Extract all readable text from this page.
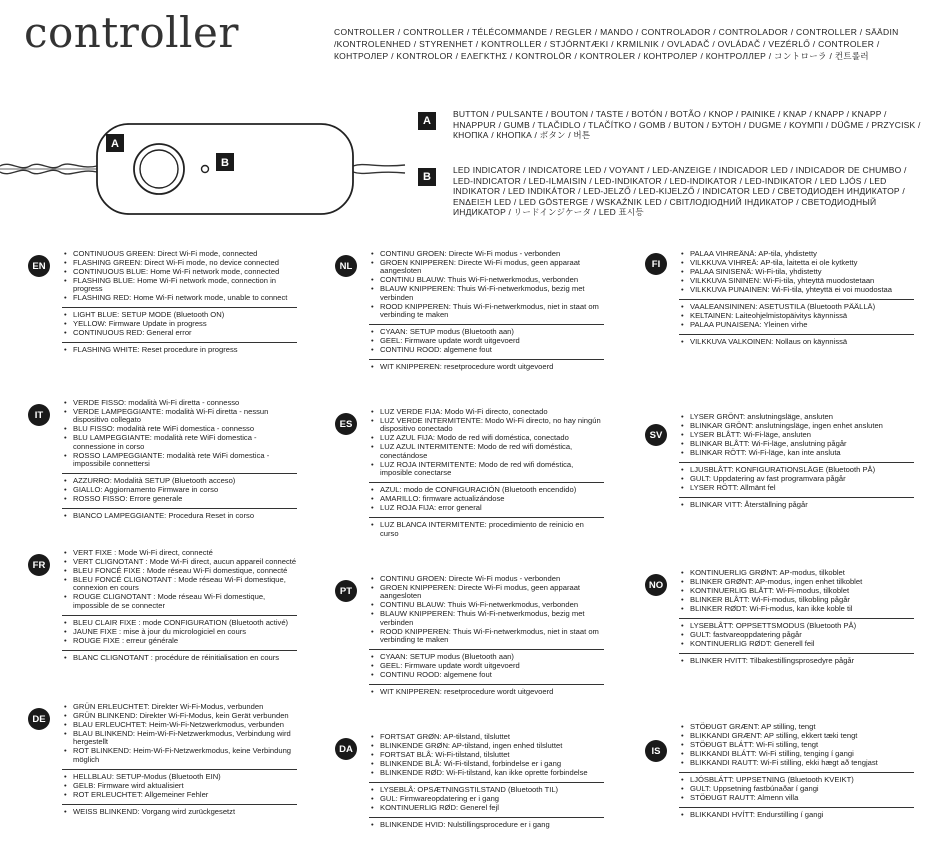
controller	CONTROLLER / CONTROLLER / TÉLÉCOMMANDE / REGLER / MANDO / CONTROLADOR / CONTROLADOR / CONTROLLER / SÄÄDIN /KONTROLENHED / STYRENHET / KONTROLLER / STJÓRNTÆKI / KRMILNIK / OVLADAČ / OVLÁDAČ / VEZÉRLŐ / CONTROLER / КОНТРОЛЕР / KONTROLOR / ΕΛΕΓΚΤΗΣ / KONTROLÖR / KONTROLER / КОНТРОЛЕР / КОНТРОЛЛЕР / コントローラ / 컨트롤러
A
B
A
BUTTON / PULSANTE / BOUTON / TASTE / BOTÓN / BOTÃO / KNOP / PAINIKE / KNAP / KNAPP / KNAPP / HNAPPUR / GUMB / TLAČIDLO / TLAČÍTKO / GOMB / BUTON / БУТОН / DUGME / ΚΟΥΜΠΙ / DÜĞME / PRZYCISK / КНОПКА / КНОПКА / ボタン / 버튼
B
LED INDICATOR / INDICATORE LED / VOYANT / LED-ANZEIGE / INDICADOR LED / INDICADOR DE CHUMBO / LED-INDICATOR / LED-ILMAISIN / LED-INDIKATOR / LED-INDIKATOR / LED-INDIKATOR / LED LJÓS / LED INDIKATOR / LED INDIKÁTOR / LED-JELZŐ / LED-KIJELZŐ / INDICATOR LED / СВЕТОДИОДЕН ИНДИКАТОР / ΕΝΔΕΙΞΗ LED / LED GÖSTERGE / WSKAŹNIK LED / СВІТЛОДІОДНИЙ ІНДИКАТОР / СВЕТОДИОДНЫЙ ИНДИКАТОР / リードインジケータ / LED 표시등
EN
• CONTINUOUS GREEN: Direct Wi-Fi mode, connected
• FLASHING GREEN: Direct Wi-Fi mode, no device connected
• CONTINUOUS BLUE: Home Wi-Fi network mode, connected
• FLASHING BLUE: Home Wi-Fi network mode, connection in progress
• FLASHING RED: Home Wi-Fi network mode, unable to connect
• LIGHT BLUE: SETUP MODE (Bluetooth ON)
• YELLOW: Firmware Update in progress
• CONTINUOUS RED: General error
• FLASHING WHITE: Reset procedure in progress
NL
• CONTINU GROEN: Directe Wi-Fi modus - verbonden
• GROEN KNIPPEREN: Directe Wi-Fi modus, geen apparaat aangesloten
• CONTINU BLAUW: Thuis Wi-Fi-netwerkmodus, verbonden
• BLAUW KNIPPEREN: Thuis Wi-Fi-netwerkmodus, bezig met verbinden
• ROOD KNIPPEREN: Thuis Wi-Fi-netwerkmodus, niet in staat om verbinding te maken
• CYAAN: SETUP modus (Bluetooth aan)
• GEEL: Firmware update wordt uitgevoerd
• CONTINU ROOD: algemene fout
• WIT KNIPPEREN: resetprocedure wordt uitgevoerd
FI
• PALAA VIHREÄNÄ: AP-tila, yhdistetty
• VILKKUVA VIHREÄ: AP-tila, laitetta ei ole kytketty
• PALAA SINISENÄ: Wi-Fi-tila, yhdistetty
• VILKKUVA SININEN: Wi-Fi-tila, yhteyttä muodostetaan
• VILKKUVA PUNAINEN: Wi-Fi-tila, yhteyttä ei voi muodostaa
• VAALEANSININEN: ASETUSTILA (Bluetooth PÄÄLLÄ)
• KELTAINEN: Laiteohjelmistopäivitys käynnissä
• PALAA PUNAISENA: Yleinen virhe
• VILKKUVA VALKOINEN: Nollaus on käynnissä
IT
• VERDE FISSO: modalità Wi-Fi diretta - connesso
• VERDE LAMPEGGIANTE: modalità Wi-Fi diretta - nessun dispositivo collegato
• BLU FISSO: modalità rete WiFi domestica - connesso
• BLU LAMPEGGIANTE: modalità rete WiFi domestica - connessione in corso
• ROSSO LAMPEGGIANTE: modalità rete WiFi domestica - impossibile connettersi
• AZZURRO: Modalità SETUP (Bluetooth acceso)
• GIALLO: Aggiornamento Firmware in corso
• ROSSO FISSO: Errore generale
• BIANCO LAMPEGGIANTE: Procedura Reset in corso
ES
• LUZ VERDE FIJA: Modo Wi-Fi directo, conectado
• LUZ VERDE INTERMITENTE: Modo Wi-Fi directo, no hay ningún dispositivo conectado
• LUZ AZUL FIJA: Modo de red wifi doméstica, conectado
• LUZ AZUL INTERMITENTE: Modo de red wifi doméstica, conectándose
• LUZ ROJA INTERMITENTE: Modo de red wifi doméstica, imposible conectarse
• AZUL: modo de CONFIGURACIÓN (Bluetooth encendido)
• AMARILLO: firmware actualizándose
• LUZ ROJA FIJA: error general
• LUZ BLANCA INTERMITENTE: procedimiento de reinicio en curso
SV
• LYSER GRÖNT: anslutningsläge, ansluten
• BLINKAR GRÖNT: anslutningsläge, ingen enhet ansluten
• LYSER BLÅTT: Wi-Fi-läge, ansluten
• BLINKAR BLÅTT: Wi-Fi-läge, anslutning pågår
• BLINKAR RÖTT: Wi-Fi-läge, kan inte ansluta
• LJUSBLÅTT: KONFIGURATIONSLÄGE (Bluetooth PÅ)
• GULT: Uppdatering av fast programvara pågår
• LYSER RÖTT: Allmänt fel
• BLINKAR VITT: Återställning pågår
FR
• VERT FIXE : Mode Wi-Fi direct, connecté
• VERT CLIGNOTANT : Mode Wi-Fi direct, aucun appareil connecté
• BLEU FONCÉ FIXE : Mode réseau Wi-Fi domestique, connecté
• BLEU FONCÉ CLIGNOTANT : Mode réseau Wi-Fi domestique, connexion en cours
• ROUGE CLIGNOTANT : Mode réseau Wi-Fi domestique, impossible de se connecter
• BLEU CLAIR FIXE : mode CONFIGURATION (Bluetooth activé)
• JAUNE FIXE : mise à jour du micrologiciel en cours
• ROUGE FIXE : erreur générale
• BLANC CLIGNOTANT : procédure de réinitialisation en cours
PT
• CONTINU GROEN: Directe Wi-Fi modus - verbonden
• GROEN KNIPPEREN: Directe Wi-Fi modus, geen apparaat aangesloten
• CONTINU BLAUW: Thuis Wi-Fi-netwerkmodus, verbonden
• BLAUW KNIPPEREN: Thuis Wi-Fi-netwerkmodus, bezig met verbinden
• ROOD KNIPPEREN: Thuis Wi-Fi-netwerkmodus, niet in staat om verbinding te maken
• CYAAN: SETUP modus (Bluetooth aan)
• GEEL: Firmware update wordt uitgevoerd
• CONTINU ROOD: algemene fout
• WIT KNIPPEREN: resetprocedure wordt uitgevoerd
NO
• KONTINUERLIG GRØNT: AP-modus, tilkoblet
• BLINKER GRØNT: AP-modus, ingen enhet tilkoblet
• KONTINUERLIG BLÅTT: Wi-Fi-modus, tilkoblet
• BLINKER BLÅTT: Wi-Fi-modus, tilkobling pågår
• BLINKER RØDT: Wi-Fi-modus, kan ikke koble til
• LYSEBLÅTT: OPPSETTSMODUS (Bluetooth PÅ)
• GULT: fastvareoppdatering pågår
• KONTINUERLIG RØDT: Generell feil
• BLINKER HVITT: Tilbakestillingsprosedyre pågår
DE
• GRÜN ERLEUCHTET: Direkter Wi-Fi-Modus, verbunden
• GRÜN BLINKEND: Direkter Wi-Fi-Modus, kein Gerät verbunden
• BLAU ERLEUCHTET: Heim-Wi-Fi-Netzwerkmodus, verbunden
• BLAU BLINKEND: Heim-Wi-Fi-Netzwerkmodus, Verbindung wird hergestellt
• ROT BLINKEND: Heim-Wi-Fi-Netzwerkmodus, keine Verbindung möglich
• HELLBLAU: SETUP-Modus (Bluetooth EIN)
• GELB: Firmware wird aktualisiert
• ROT ERLEUCHTET: Allgemeiner Fehler
• WEISS BLINKEND: Vorgang wird zurückgesetzt
DA
• FORTSAT GRØN: AP-tilstand, tilsluttet
• BLINKENDE GRØN: AP-tilstand, ingen enhed tilsluttet
• FORTSAT BLÅ: Wi-Fi-tilstand, tilsluttet
• BLINKENDE BLÅ: Wi-Fi-tilstand, forbindelse er i gang
• BLINKENDE RØD: Wi-Fi-tilstand, kan ikke oprette forbindelse
• LYSEBLÅ: OPSÆTNINGSTILSTAND (Bluetooth TIL)
• GUL: Firmwareopdatering er i gang
• KONTINUERLIG RØD: Generel fejl
• BLINKENDE HVID: Nulstillingsprocedure er i gang
IS
• STÖÐUGT GRÆNT: AP stilling, tengt
• BLIKKANDI GRÆNT: AP stilling, ekkert tæki tengt
• STÖÐUGT BLÁTT: Wi-Fi stilling, tengt
• BLIKKANDI BLÁTT: Wi-Fi stilling, tenging í gangi
• BLIKKANDI RAUTT: Wi-Fi stilling, ekki hægt að tengjast
• LJÓSBLÁTT: UPPSETNING (Bluetooth KVEIKT)
• GULT: Uppsetning fastbúnaðar í gangi
• STÖÐUGT RAUTT: Almenn villa
• BLIKKANDI HVÍTT: Endurstilling í gangi
